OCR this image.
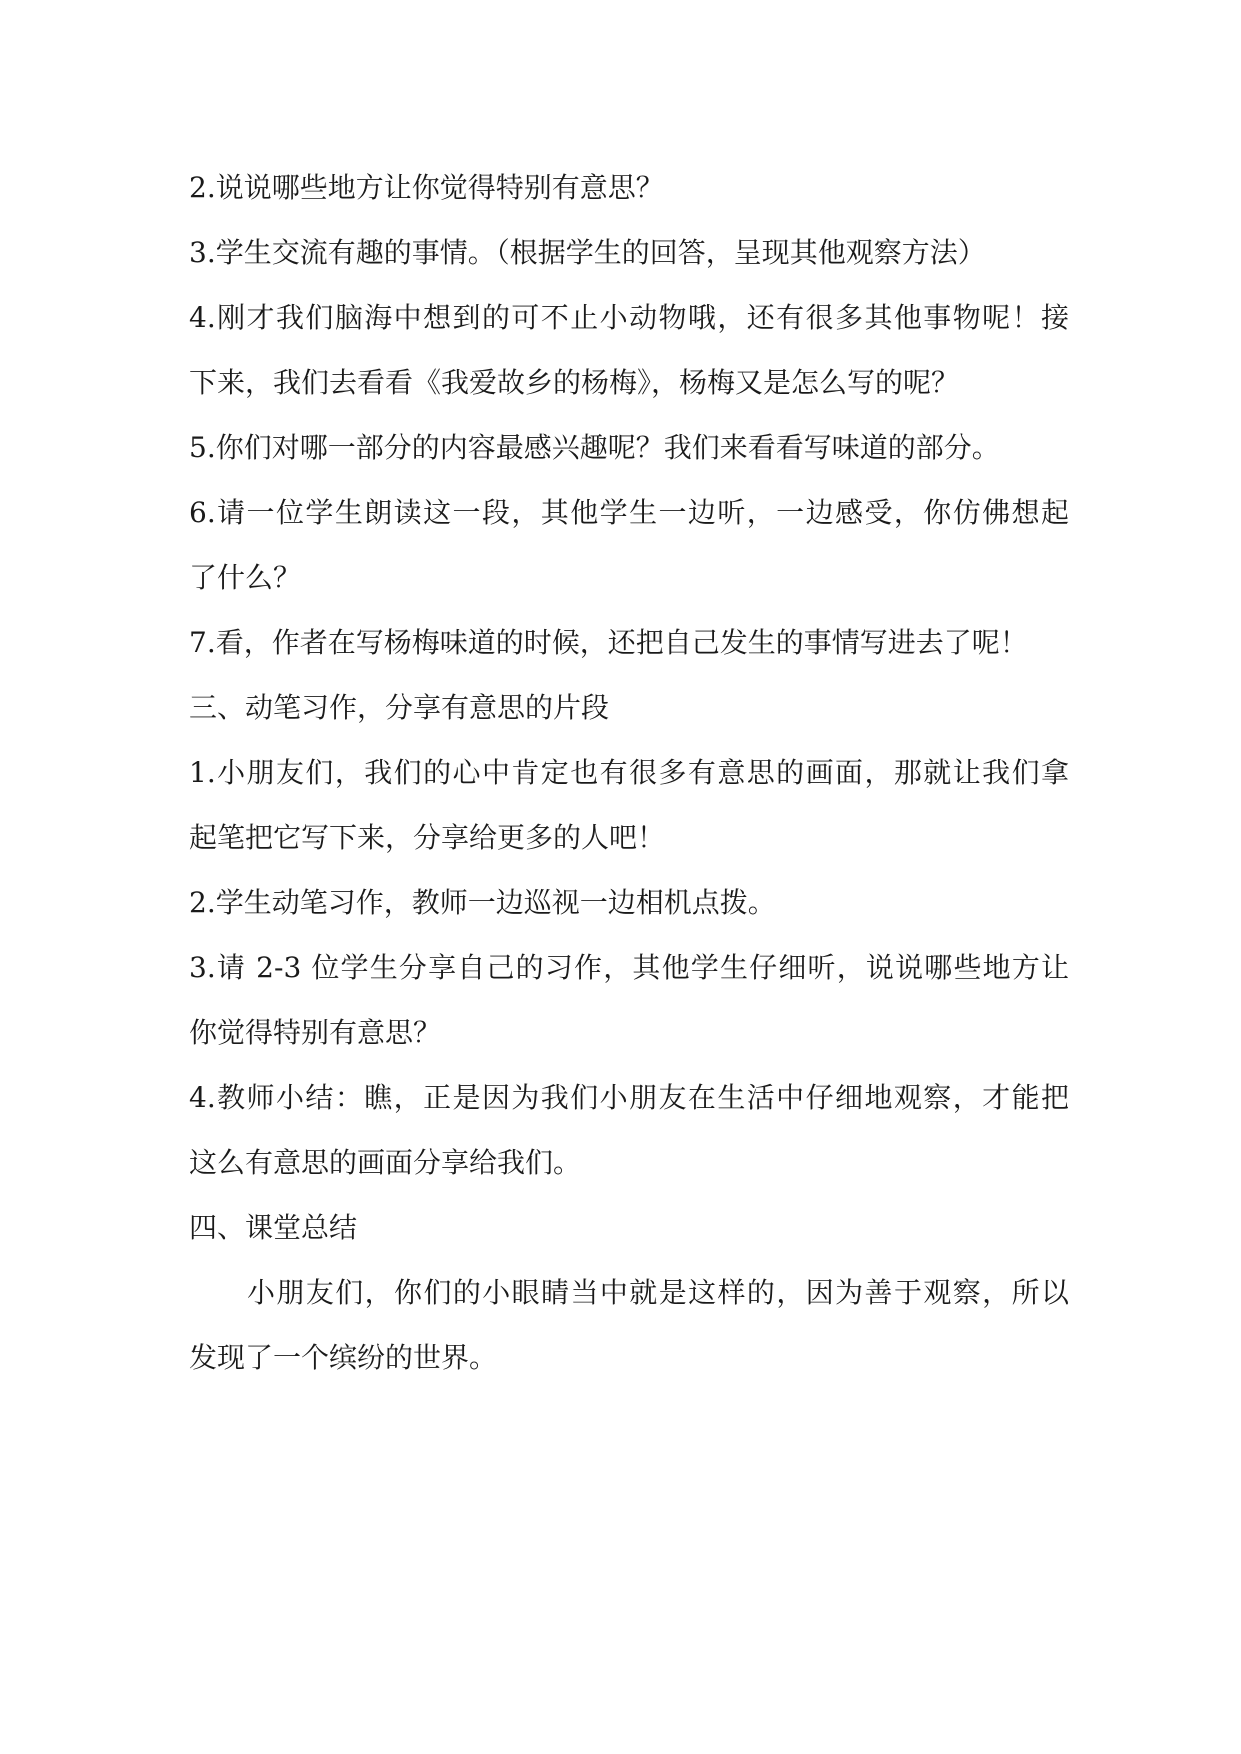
2.说说哪些地方让你觉得特别有意思？
3.学生交流有趣的事情。（根据学生的回答，呈现其他观察方法）
4.刚才我们脑海中想到的可不止小动物哦，还有很多其他事物呢！接
下来，我们去看看《我爱故乡的杨梅》，杨梅又是怎么写的呢？
5.你们对哪一部分的内容最感兴趣呢？我们来看看写味道的部分。
6.请一位学生朗读这一段，其他学生一边听，一边感受，你仿佛想起
了什么？
7.看，作者在写杨梅味道的时候，还把自己发生的事情写进去了呢！
三、动笔习作，分享有意思的片段
1.小朋友们，我们的心中肯定也有很多有意思的画面，那就让我们拿
起笔把它写下来，分享给更多的人吧！
2.学生动笔习作，教师一边巡视一边相机点拨。
3.请 2-3 位学生分享自己的习作，其他学生仔细听，说说哪些地方让
你觉得特别有意思？
4.教师小结：瞧，正是因为我们小朋友在生活中仔细地观察，才能把
这么有意思的画面分享给我们。
四、课堂总结
小朋友们，你们的小眼睛当中就是这样的，因为善于观察，所以
发现了一个缤纷的世界。
